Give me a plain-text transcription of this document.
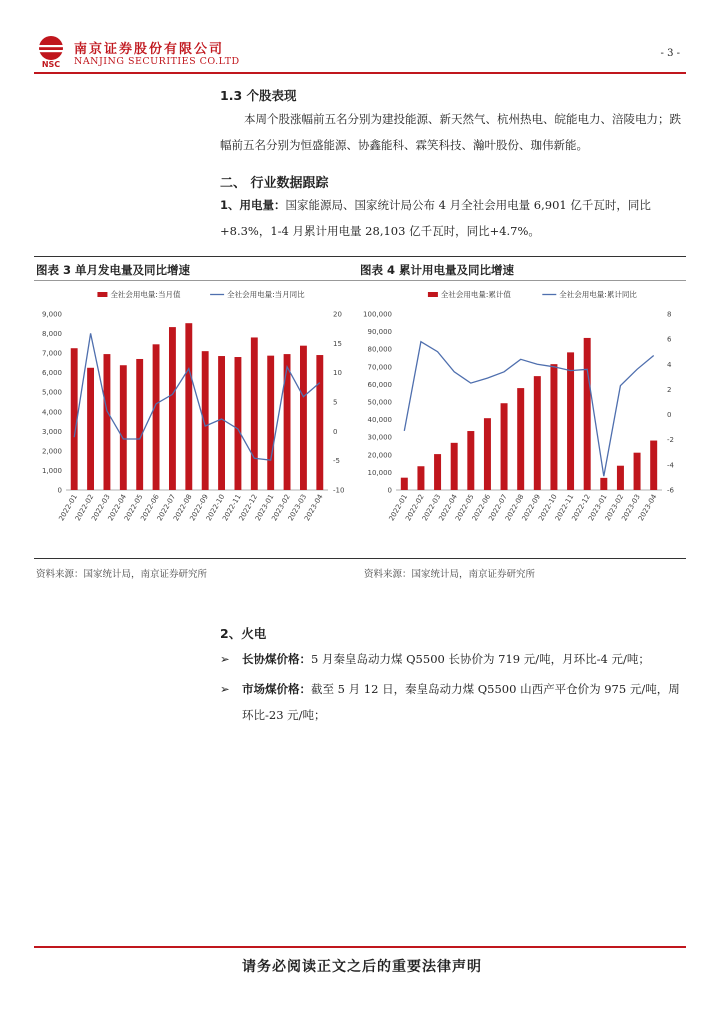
NSC
南京证券股份有限公司
NANJING SECURITIES CO.LTD
- 3 -
1.3 个股表现
本周个股涨幅前五名分别为建投能源、新天然气、杭州热电、皖能电力、涪陵电力；跌幅前五名分别为恒盛能源、协鑫能科、霖笑科技、瀚叶股份、珈伟新能。
二、 行业数据跟踪
1、用电量：国家能源局、国家统计局公布 4 月全社会用电量 6,901 亿千瓦时，同比+8.3%，1-4 月累计用电量 28,103 亿千瓦时，同比+4.7%。
图表 3 单月发电量及同比增速	图表 4 累计用电量及同比增速
全社会用电量:当月值	全社会用电量:当月同比
0
1,000
2,000
3,000
4,000
5,000
6,000
7,000
8,000
9,000
-10
-5
0
5
10
15
20
2022-01
2022-02
2022-03
2022-04
2022-05
2022-06
2022-07
2022-08
2022-09
2022-10
2022-11
2022-12
2023-01
2023-02
2023-03
2023-04
全社会用电量:累计值	全社会用电量:累计同比
0
10,000
20,000
30,000
40,000
50,000
60,000
70,000
80,000
90,000
100,000
-6
-4
-2
0
2
4
6
8
2022-01
2022-02
2022-03
2022-04
2022-05
2022-06
2022-07
2022-08
2022-09
2022-10
2022-11
2022-12
2023-01
2023-02
2023-03
2023-04
资料来源：国家统计局，南京证券研究所	资料来源：国家统计局，南京证券研究所
2、火电
➢ 长协煤价格：5 月秦皇岛动力煤 Q5500 长协价为 719 元/吨，月环比-4 元/吨；
➢ 市场煤价格：截至 5 月 12 日，秦皇岛动力煤 Q5500 山西产平仓价为 975 元/吨，周环比-23 元/吨；
请务必阅读正文之后的重要法律声明
